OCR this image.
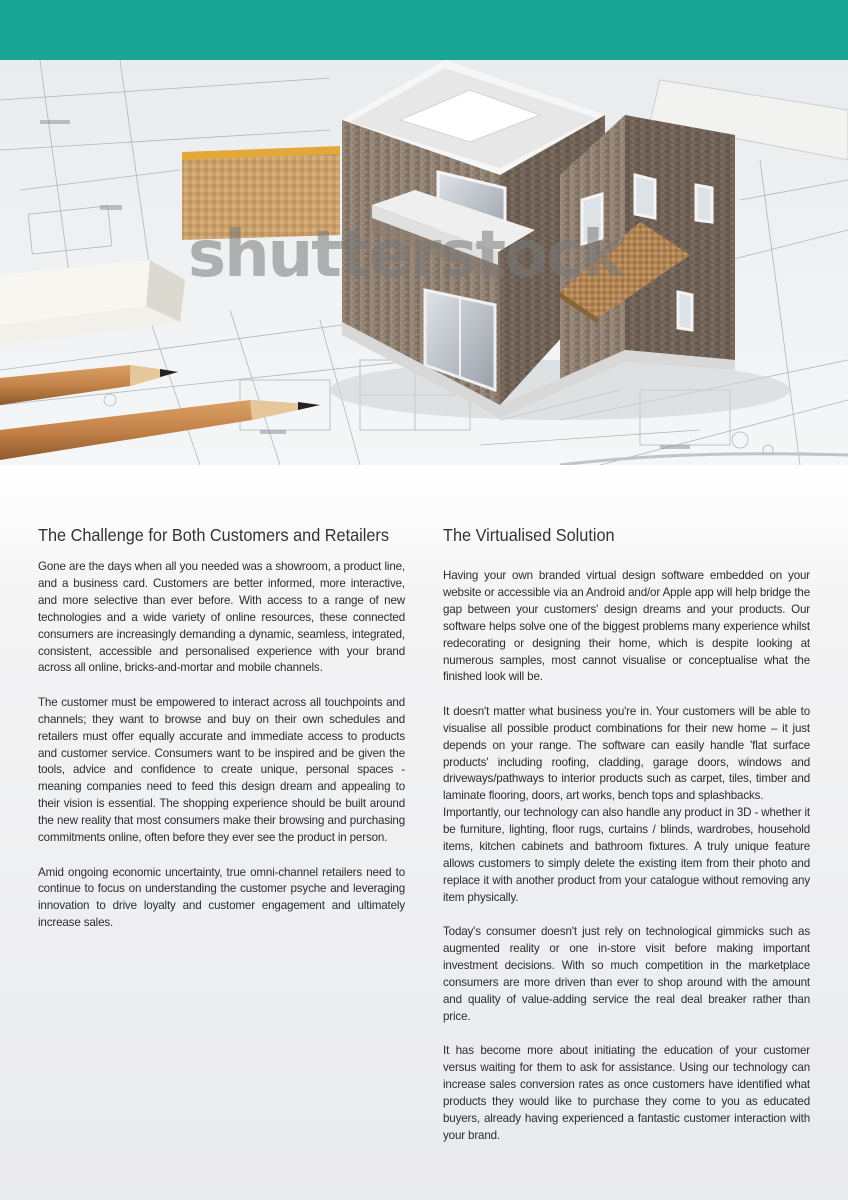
shutterstock
The Challenge for Both Customers and Retailers

Gone are the days when all you needed was a showroom, a product line, and a business card. Customers are better informed, more interactive, and more selective than ever before. With access to a range of new technologies and a wide variety of online resources, these connected consumers are increasingly demanding a dynamic, seamless, integrated, consistent, accessible and personalised experience with your brand across all online, bricks-and-mortar and mobile channels.

The customer must be empowered to interact across all touchpoints and channels; they want to browse and buy on their own schedules and retailers must offer equally accurate and immediate access to products and customer service. Consumers want to be inspired and be given the tools, advice and confidence to create unique, personal spaces - meaning companies need to feed this design dream and appealing to their vision is essential. The shopping experience should be built around the new reality that most consumers make their browsing and purchasing commitments online, often before they ever see the product in person.

Amid ongoing economic uncertainty, true omni-channel retailers need to continue to focus on understanding the customer psyche and leveraging innovation to drive loyalty and customer engagement and ultimately increase sales.

The Virtualised Solution

Having your own branded virtual design software embedded on your website or accessible via an Android and/or Apple app will help bridge the gap between your customers' design dreams and your products. Our software helps solve one of the biggest problems many experience whilst redecorating or designing their home, which is despite looking at numerous samples, most cannot visualise or conceptualise what the finished look will be.

It doesn't matter what business you're in. Your customers will be able to visualise all possible product combinations for their new home – it just depends on your range. The software can easily handle 'flat surface products' including roofing, cladding, garage doors, windows and driveways/pathways to interior products such as carpet, tiles, timber and laminate flooring, doors, art works, bench tops and splashbacks.

Importantly, our technology can also handle any product in 3D - whether it be furniture, lighting, floor rugs, curtains / blinds, wardrobes, household items, kitchen cabinets and bathroom fixtures. A truly unique feature allows customers to simply delete the existing item from their photo and replace it with another product from your catalogue without removing any item physically.

Today's consumer doesn't just rely on technological gimmicks such as augmented reality or one in-store visit before making important investment decisions. With so much competition in the marketplace consumers are more driven than ever to shop around with the amount and quality of value-adding service the real deal breaker rather than price.

It has become more about initiating the education of your customer versus waiting for them to ask for assistance. Using our technology can increase sales conversion rates as once customers have identified what products they would like to purchase they come to you as educated buyers, already having experienced a fantastic customer interaction with your brand.
